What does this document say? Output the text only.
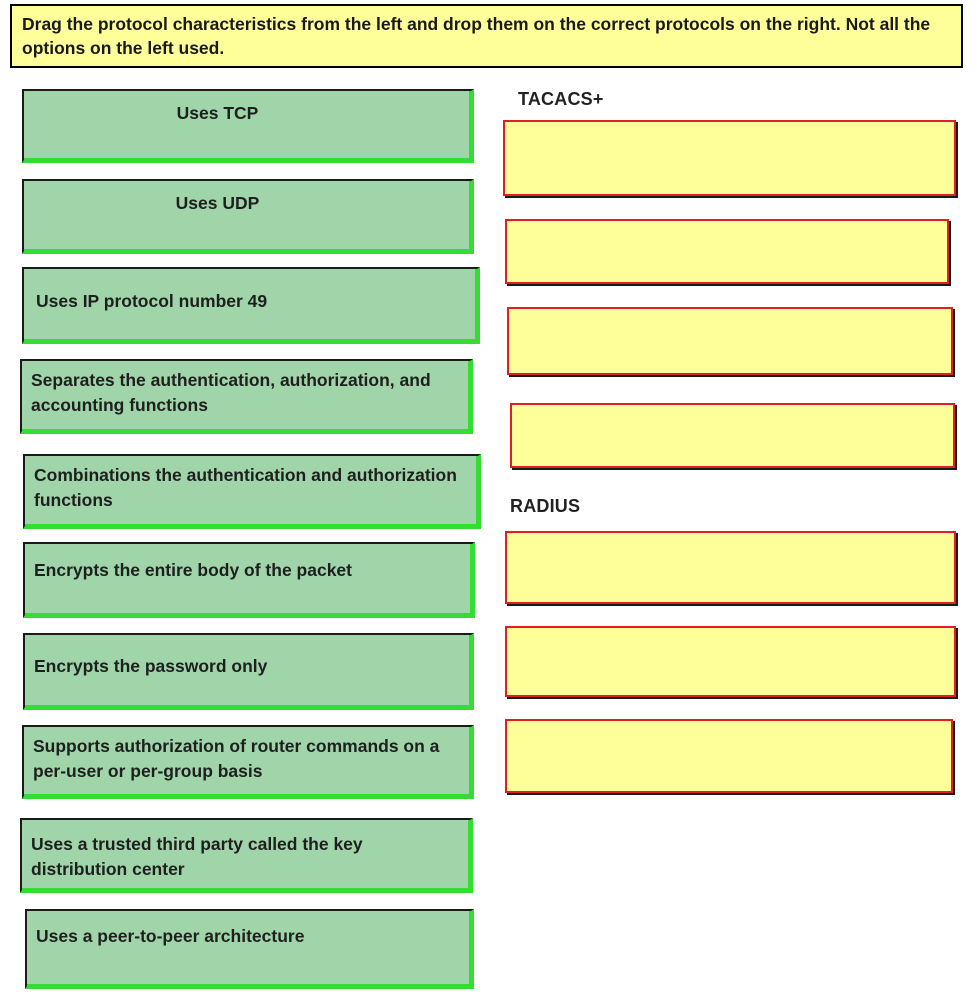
Drag the protocol characteristics from the left and drop them on the correct protocols on the right. Not all the options on the left used.
Uses TCP
Uses UDP
Uses IP protocol number 49
Separates the authentication, authorization, and accounting functions
Combinations the authentication and authorization functions
Encrypts the entire body of the packet
Encrypts the password only
Supports authorization of router commands on a per-user or per-group basis
Uses a trusted third party called the key distribution center
Uses a peer-to-peer architecture
TACACS+
RADIUS
